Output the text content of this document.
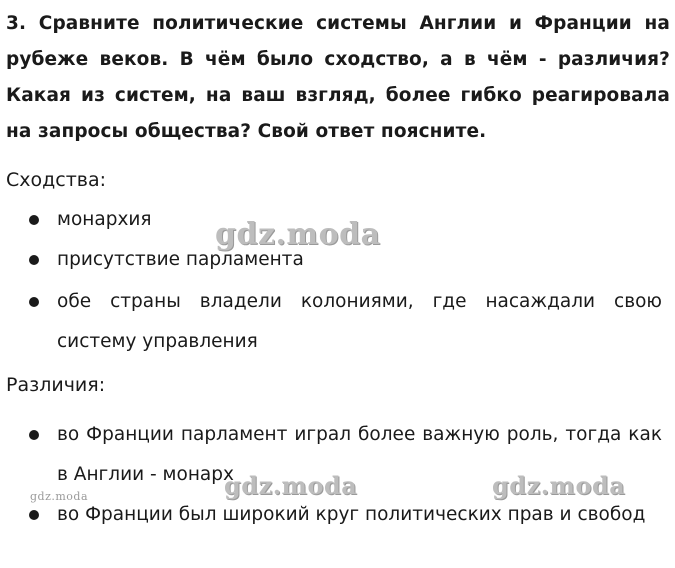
3. Сравните политические системы Англии и Франции на рубеже веков. В чём было сходство, а в чём - различия? Какая из систем, на ваш взгляд, более гибко реагировала на запросы общества? Свой ответ поясните.

Сходства:
монархия
присутствие парламента
обе страны владели колониями, где насаждали свою систему управления
Различия:
во Франции парламент играл более важную роль, тогда как в Англии - монарх
во Франции был широкий круг политических прав и свобод
gdz.moda
gdz.moda	gdz.moda
gdz.moda
